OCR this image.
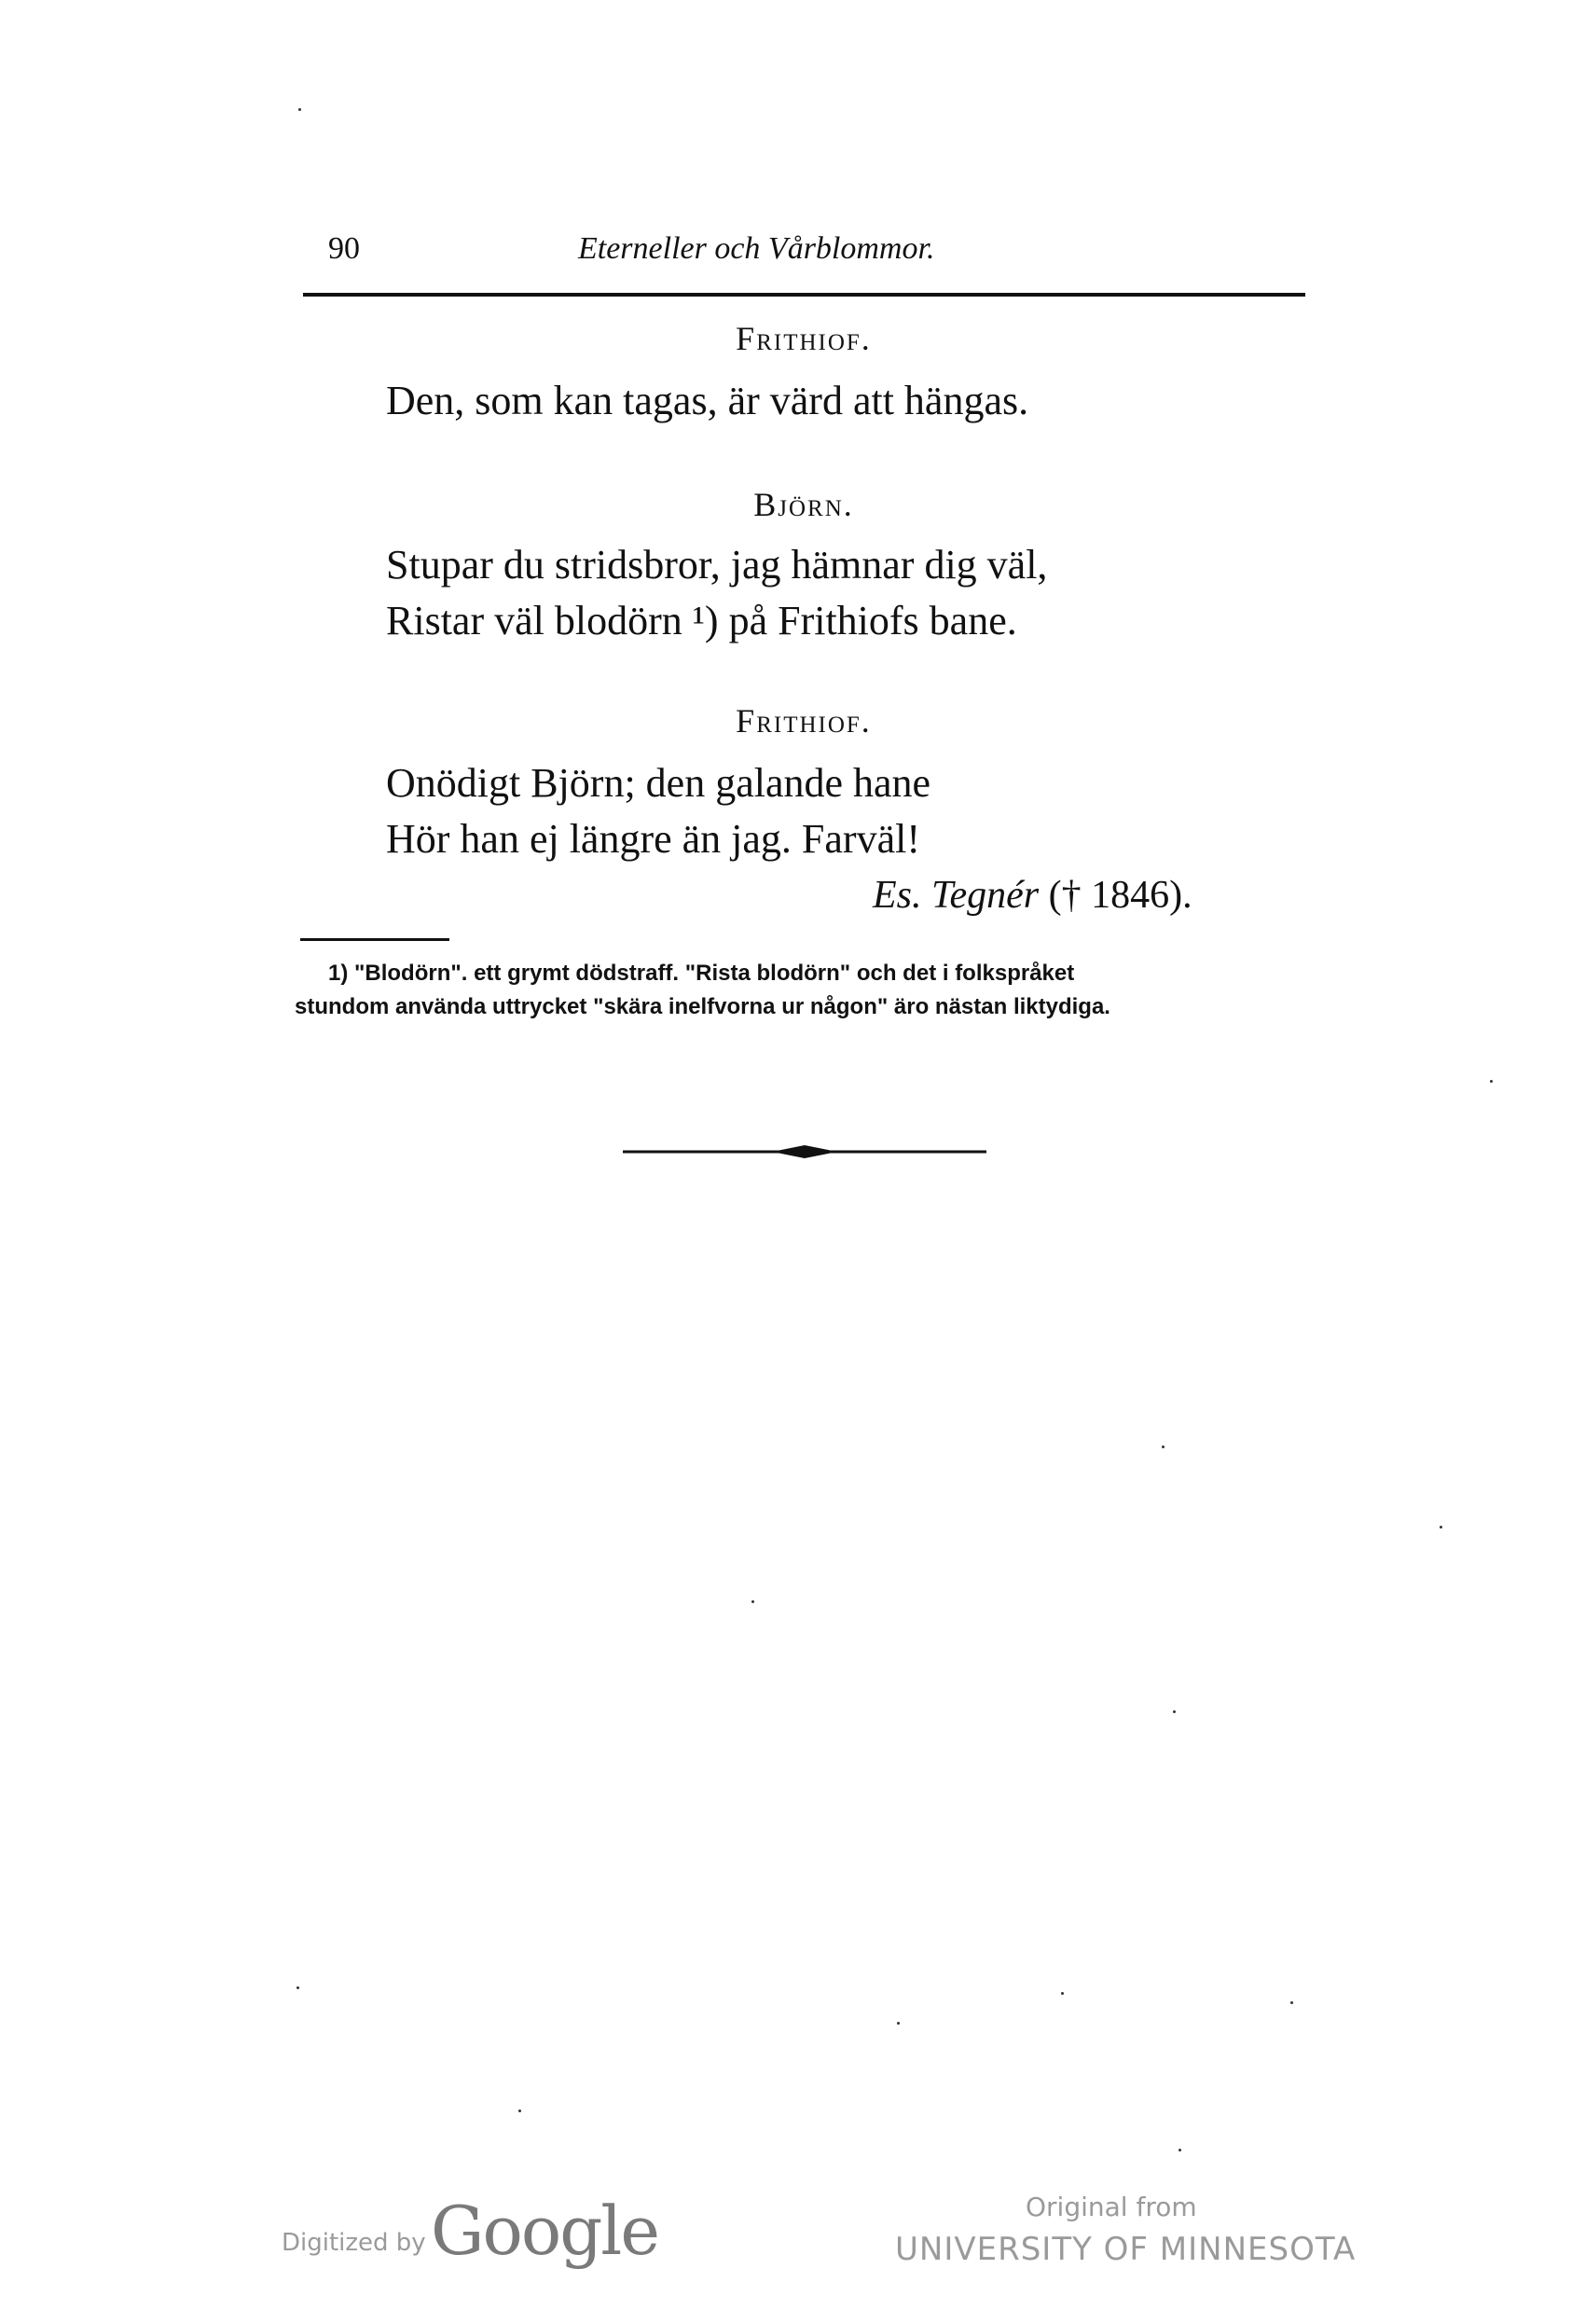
90	Eterneller och Vårblommor.
Frithiof.
Den, som kan tagas, är värd att hängas.
Björn.
Stupar du stridsbror, jag hämnar dig väl,
Ristar väl blodörn ¹) på Frithiofs bane.
Frithiof.
Onödigt Björn; den galande hane
Hör han ej längre än jag. Farväl!
Es. Tegnér († 1846).
1) "Blodörn". ett grymt dödstraff. "Rista blodörn" och det i folkspråket
stundom använda uttrycket "skära inelfvorna ur någon" äro nästan liktydiga.
Digitized by Google	Original from
UNIVERSITY OF MINNESOTA
